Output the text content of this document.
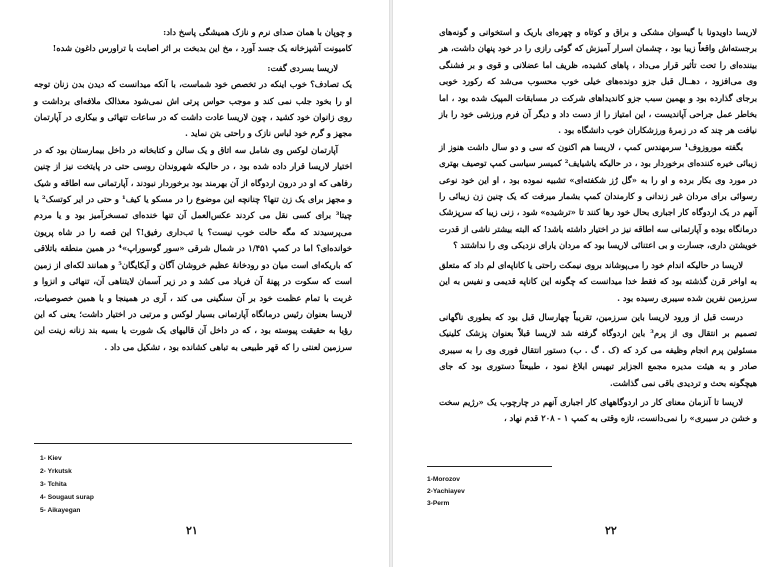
و چوپان با همان صدای نرم و نازک همیشگی پاسخ داد:

کامیونت آشپزخانه یک جسد آورد ، مخ این بدبخت بر اثر اصابت با تراورس داغون شده!

لاریسا بسردی گفت:

یک تصادف؟ خوب اینکه در تخصص خود شماست، با آنکه میدانست که دیدن بدن زنان توجه او را بخود جلب نمی کند و موجب حواس پرتی اش نمی‌شود معذالک ملافه‌ای برداشت و روی زانوان خود کشید ، چون لاریسا عادت داشت که در ساعات تنهائی و بیکاری در آپارتمان مجهز و گرم خود لباس نازک و راحتی بتن نماید .

آپارتمان لوکس وی شامل سه اتاق و یک سالن و کتابخانه در داخل بیمارستان بود که در اختیار لاریسا قرار داده شده بود ، در حالیکه شهروندان روسی حتی در پایتخت نیز از چنین رفاهی که او در درون اردوگاه از آن بهرمند بود برخوردار نبودند ، آپارتمانی سه اطاقه و شیک و مجهز برای یک زن تنها؟ چنانچه این موضوع را در مسکو یا کیف¹ و حتی در ایر کوتسک² یا چیتا³ برای کسی نقل می کردند عکس‌العمل آن تنها خنده‌ای تمسخرآمیز بود و یا مردم می‌پرسیدند که مگه حالت خوب نیست؟ یا تب‌داری رفیق!؟ این قصه را در شاه پریون خوانده‌ای؟ اما در کمپ ۱/۴۵۱ در شمال شرقی «سور گوسوراپ»⁴ در همین منطقه باتلاقی که باریکه‌ای است میان دو رودخانهٔ عظیم خروشان آگان و آیکایگان⁵ و همانند لکه‌ای از زمین است که سکوت در پهنهٔ آن فریاد می کشد و در زیر آسمان لایتناهی آن، تنهائی و انزوا و غربت با تمام عظمت خود بر آن سنگینی می کند ، آری در همینجا و با همین خصوصیات، لاریسا بعنوان رئیس درمانگاه آپارتمانی بسیار لوکس و مرتبی در اختیار داشت؛ یعنی که این رؤیا به حقیقت پیوسته بود ، که در داخل آن قالیهای یک شورت یا بسیه بند زنانه زینت این سرزمین لعنتی را که قهر طبیعی به تباهی کشانده بود ، تشکیل می داد .

1- Kiev
2- Yrkutsk
3- Tchita
4- Sougaut surap
5- Aikayegan
۲۱

لاریسا داویدونا با گیسوان مشکی و براق و کوتاه و چهره‌ای باریک و استخوانی و گونه‌های برجسته‌اش واقعاً زیبا بود ، چشمان اسرار آمیزش که گوئی رازی را در خود پنهان داشت، هر بیننده‌ای را تحت تأثیر قرار می‌داد ، پاهای کشیده، ظریف اما عضلانی و قوی و بر فشنگی وی می‌افزود ، دهــال قبل جزو دونده‌های خیلی خوب محسوب می‌شد که رکورد خوبی برجای گذارده بود و بهمین سبب جزو کاندیداهای شرکت در مسابقات المپیک شده بود ، اما بخاطر عمل جراحی آپاندیست ، این امتیاز را از دست داد و دیگر آن فرم ورزشی خود را باز نیافت هر چند که در زمرهٔ ورزشکاران خوب دانشگاه بود .

بگفته موروزوف¹ سرمهندس کمپ ، لاریسا هم اکنون که سی و دو سال داشت هنوز از زیبائی خیره کننده‌ای برخوردار بود ، در حالیکه یاشیایف² کمیسر سیاسی کمپ توصیف بهتری در مورد وی بکار برده و او را به «گل رُز شکفته‌ای» تشبیه نموده بود ، او این خود نوعی رسوائی برای مردان غیر زندانی و کارمندان کمپ بشمار میرفت که یک چنین زن زیبائی را آنهم در یک اردوگاه کار اجباری بحال خود رها کنند تا «ترشیده» شود ، زنی زیبا که سرپزشک درمانگاه بوده و آپارتمانی سه اطاقه نیز در اختیار داشته باشد! که البته بیشتر ناشی از قدرت خویشتن داری، جسارت و بی اعتنائی لاریسا بود که مردان یارای نزدیکی وی را نداشتند ؟

لاریسا در حالیکه اندام خود را می‌پوشاند بروی نیمکت راحتی یا کاناپه‌ای لم داد که متعلق به اواخر قرن گذشته بود که فقط خدا میدانست که چگونه این کاناپه قدیمی و نفیس به این سرزمین نفرین شده سیبری رسیده بود .

درست قبل از ورود لاریسا باین سرزمین، تقریباً چهارسال قبل بود که بطوری ناگهانی تصمیم بر انتقال وی از پرم³ باین اردوگاه گرفته شد لاریسا قبلاً بعنوان پزشک کلینیک مسئولین پرم انجام وظیفه می کرد که (ک . گ . ب) دستور انتقال فوری وی را به سیبری صادر و به هیئت مدیره مجمع الجزایر تبهیس ابلاغ نمود ، طبیعتاً دستوری بود که جای هیچگونه بحث و تردیدی باقی نمی گذاشت.

لاریسا تا آنزمان معنای کار در اردوگاههای کار اجباری آنهم در چارچوب یک «رژیم سخت و خشن در سیبری» را نمی‌دانست، تازه وقتی به کمپ ۱ - ۲۰۸ قدم نهاد ،

1-Morozov
2-Yachiayev
3-Perm
۲۲
